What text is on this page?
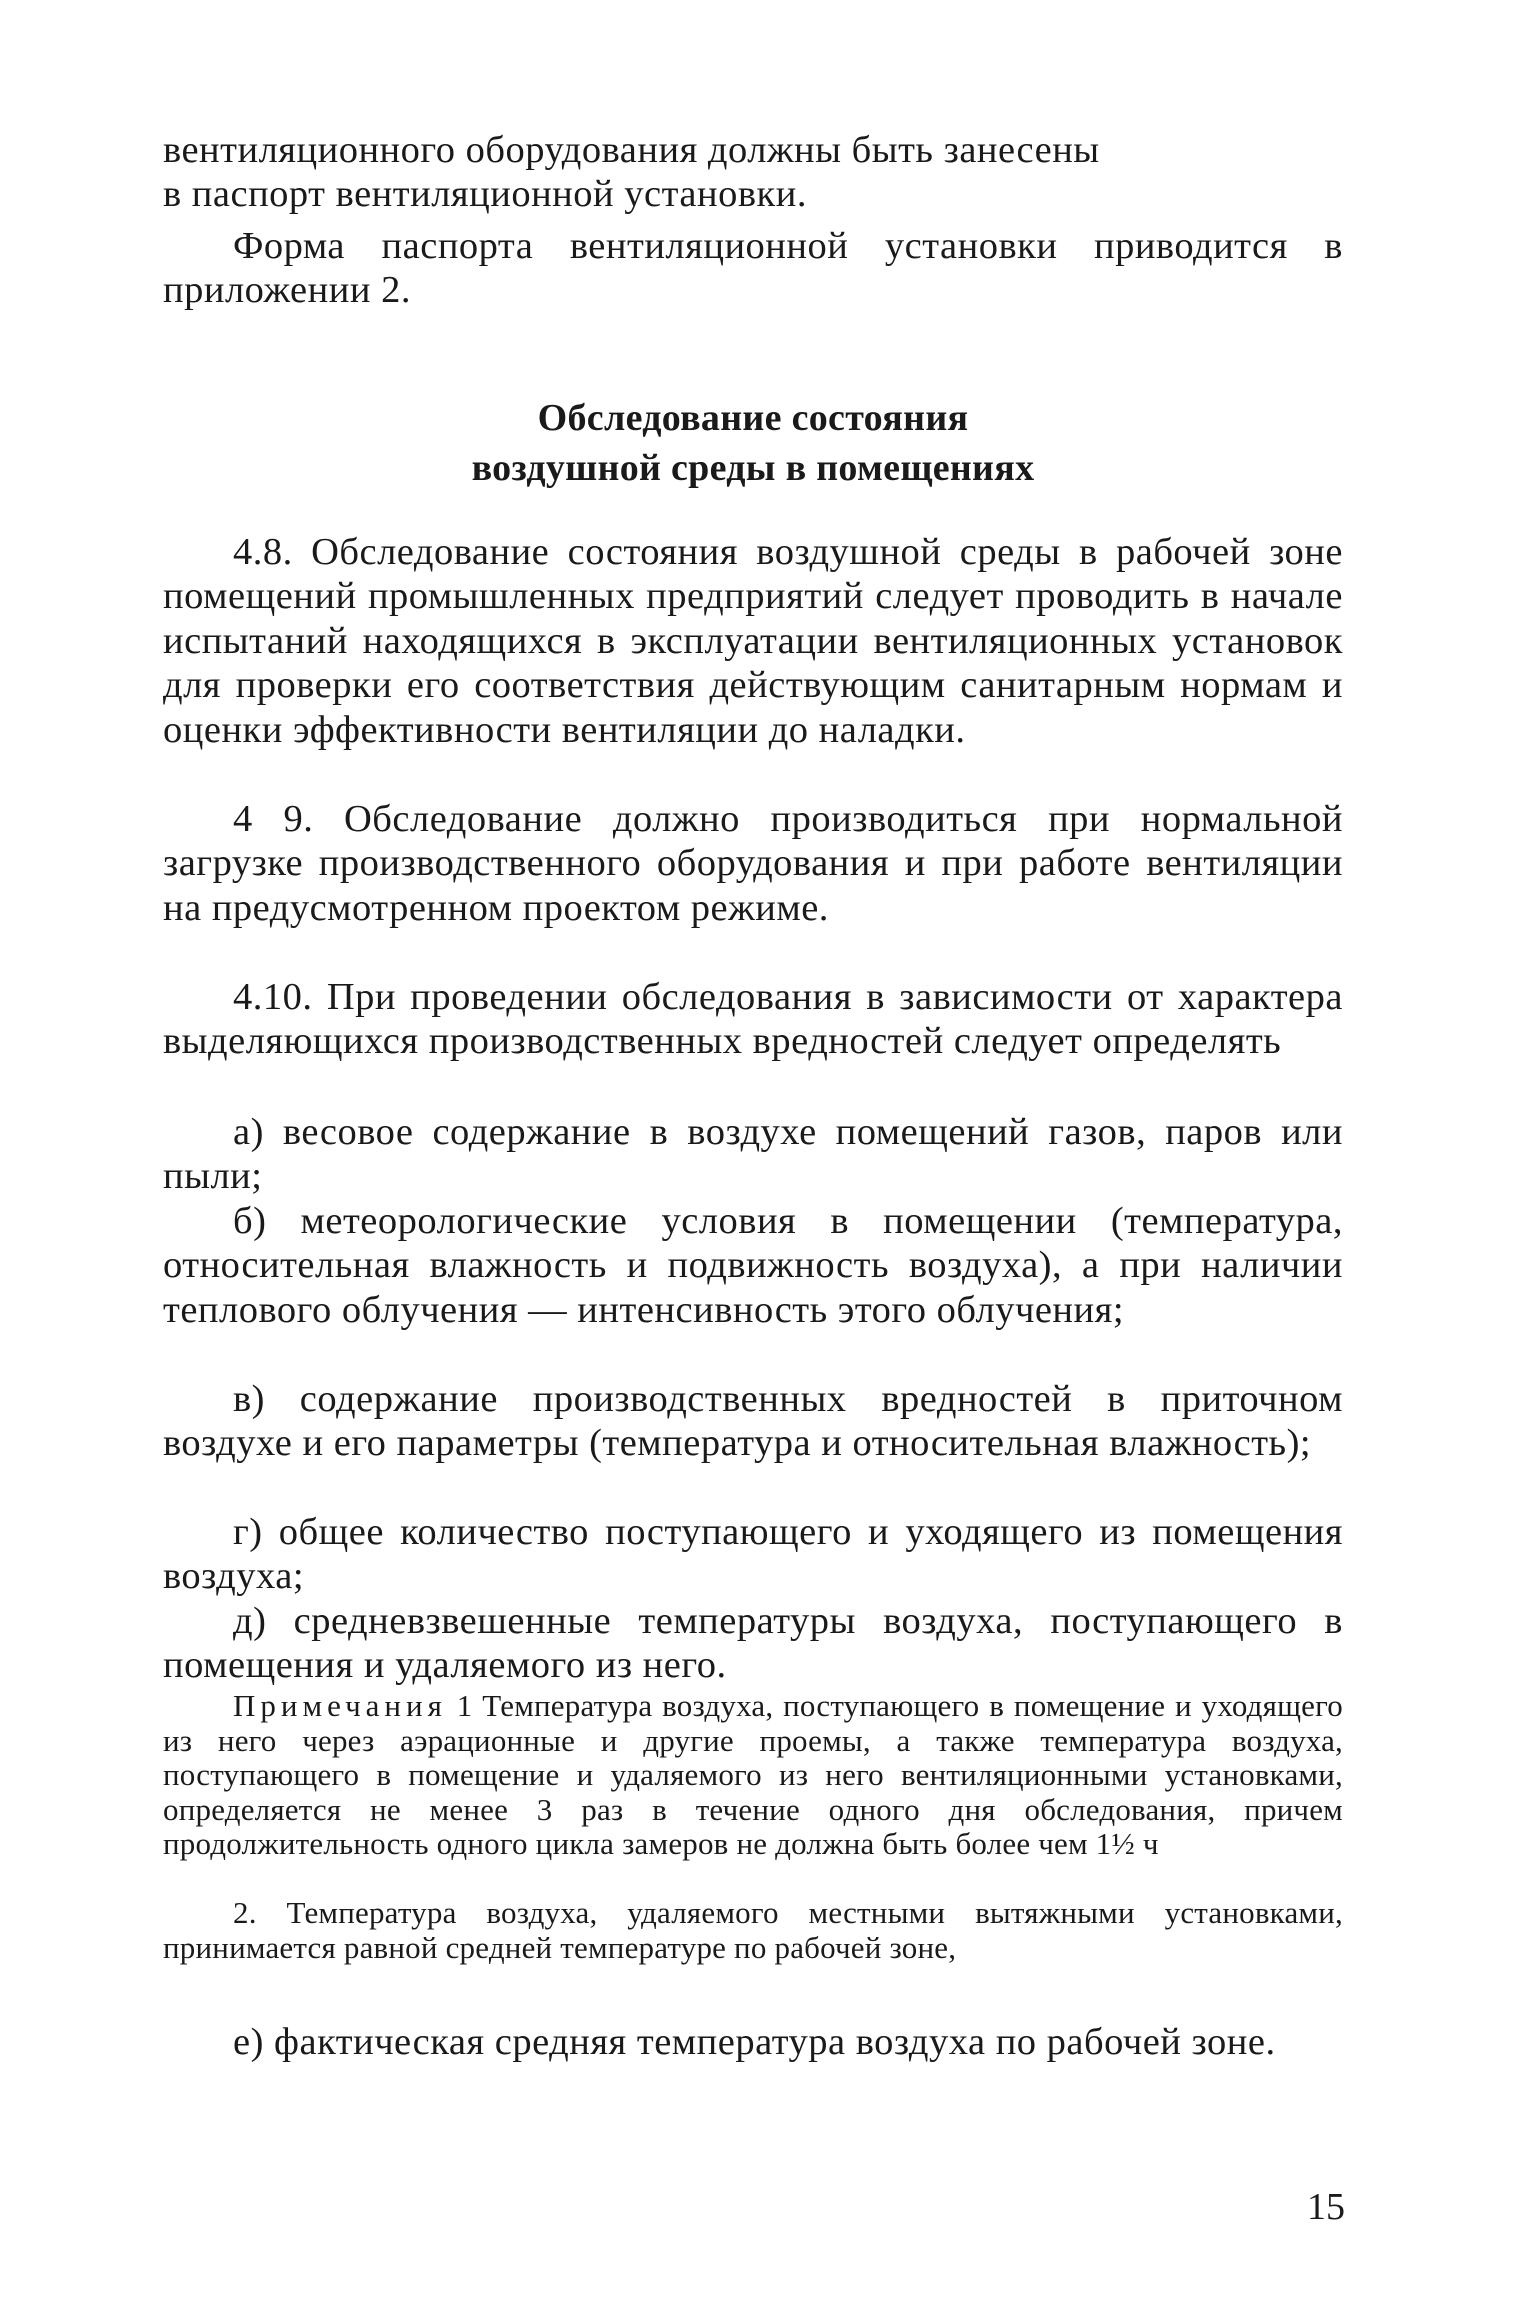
вентиляционного оборудования должны быть занесены
в паспорт вентиляционной установки.

Форма паспорта вентиляционной установки приводится в приложении 2.

Обследование состояния
воздушной среды в помещениях

4.8. Обследование состояния воздушной среды в рабочей зоне помещений промышленных предприятий следует проводить в начале испытаний находящихся в эксплуатации вентиляционных установок для проверки его соответствия действующим санитарным нормам и оценки эффективности вентиляции до наладки.

4 9. Обследование должно производиться при нормальной загрузке производственного оборудования и при работе вентиляции на предусмотренном проектом режиме.

4.10. При проведении обследования в зависимости от характера выделяющихся производственных вредностей следует определять

а) весовое содержание в воздухе помещений газов, паров или пыли;

б) метеорологические условия в помещении (температура, относительная влажность и подвижность воздуха), а при наличии теплового облучения — интенсивность этого облучения;

в) содержание производственных вредностей в приточном воздухе и его параметры (температура и относительная влажность);

г) общее количество поступающего и уходящего из помещения воздуха;

д) средневзвешенные температуры воздуха, поступающего в помещения и удаляемого из него.

Примечания 1 Температура воздуха, поступающего в помещение и уходящего из него через аэрационные и другие проемы, а также температура воздуха, поступающего в помещение и удаляемого из него вентиляционными установками, определяется не менее 3 раз в течение одного дня обследования, причем продолжительность одного цикла замеров не должна быть более чем 1½ ч

2. Температура воздуха, удаляемого местными вытяжными установками, принимается равной средней температуре по рабочей зоне,

е) фактическая средняя температура воздуха по рабочей зоне.

15
